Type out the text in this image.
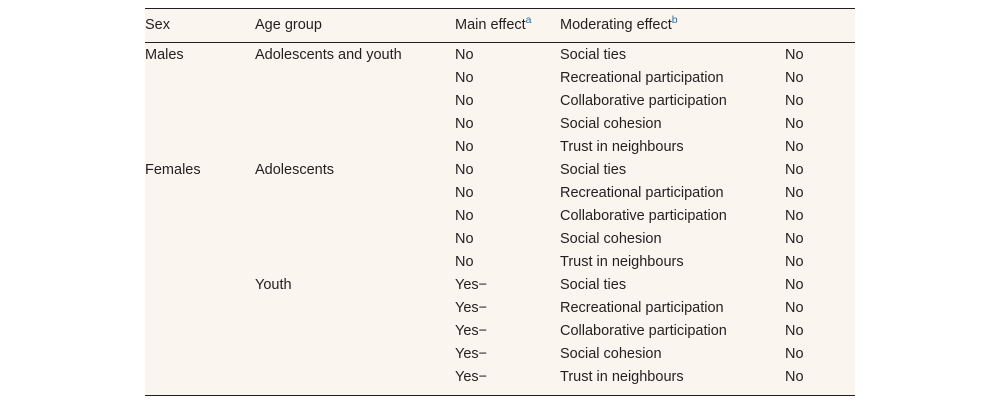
Sex	Age group	Main effect$^a$	Moderating effect$^b$	
Males	Adolescents and youth	No	Social ties	No
		No	Recreational participation	No
		No	Collaborative participation	No
		No	Social cohesion	No
		No	Trust in neighbours	No
Females	Adolescents	No	Social ties	No
		No	Recreational participation	No
		No	Collaborative participation	No
		No	Social cohesion	No
		No	Trust in neighbours	No
	Youth	Yes−	Social ties	No
		Yes−	Recreational participation	No
		Yes−	Collaborative participation	No
		Yes−	Social cohesion	No
		Yes−	Trust in neighbours	No
